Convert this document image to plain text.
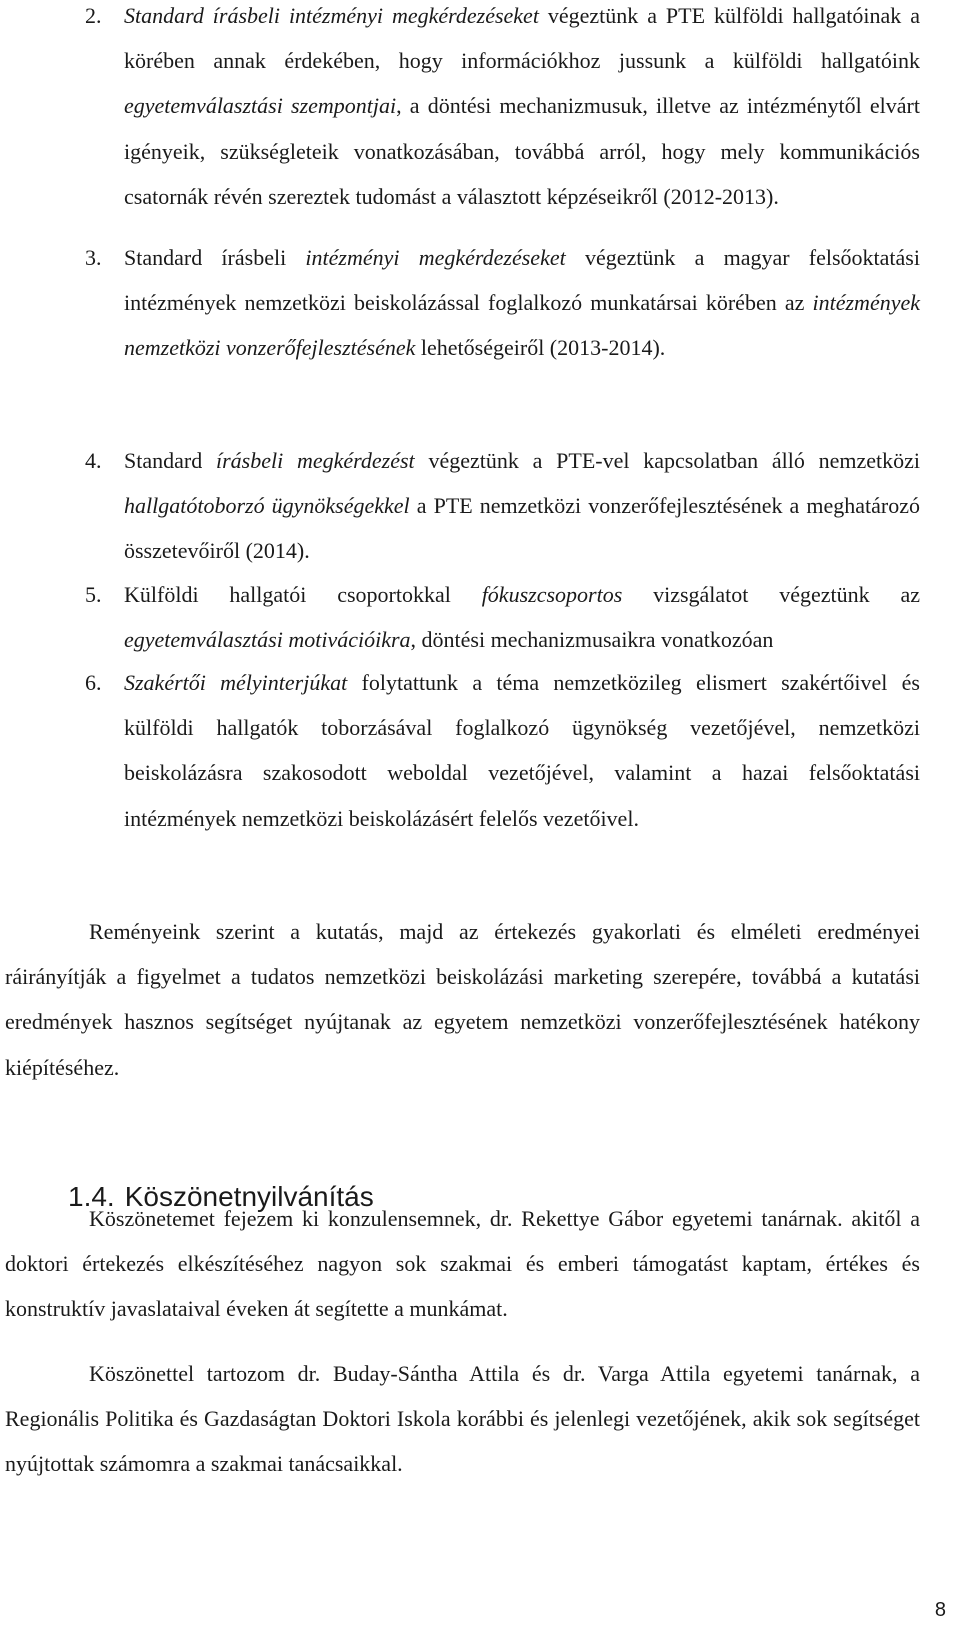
2. Standard írásbeli intézményi megkérdezéseket végeztünk a PTE külföldi hallgatóinak a körében annak érdekében, hogy információkhoz jussunk a külföldi hallgatóink egyetemválasztási szempontjai, a döntési mechanizmusuk, illetve az intézménytől elvárt igényeik, szükségleteik vonatkozásában, továbbá arról, hogy mely kommunikációs csatornák révén szereztek tudomást a választott képzéseikről (2012-2013).
3. Standard írásbeli intézményi megkérdezéseket végeztünk a magyar felsőoktatási intézmények nemzetközi beiskolázással foglalkozó munkatársai körében az intézmények nemzetközi vonzerőfejlesztésének lehetőségeiről (2013-2014).
4. Standard írásbeli megkérdezést végeztünk a PTE-vel kapcsolatban álló nemzetközi hallgatótoborzó ügynökségekkel a PTE nemzetközi vonzerőfejlesztésének a meghatározó összetevőiről (2014).
5. Külföldi hallgatói csoportokkal fókuszcsoportos vizsgálatot végeztünk az egyetemválasztási motivációikra, döntési mechanizmusaikra vonatkozóan
6. Szakértői mélyinterjúkat folytattunk a téma nemzetközileg elismert szakértőivel és külföldi hallgatók toborzásával foglalkozó ügynökség vezetőjével, nemzetközi beiskolázásra szakosodott weboldal vezetőjével, valamint a hazai felsőoktatási intézmények nemzetközi beiskolázásért felelős vezetőivel.

Reményeink szerint a kutatás, majd az értekezés gyakorlati és elméleti eredményei ráirányítják a figyelmet a tudatos nemzetközi beiskolázási marketing szerepére, továbbá a kutatási eredmények hasznos segítséget nyújtanak az egyetem nemzetközi vonzerőfejlesztésének hatékony kiépítéséhez.

1.4. Köszönetnyilvánítás

Köszönetemet fejezem ki konzulensemnek, dr. Rekettye Gábor egyetemi tanárnak. akitől a doktori értekezés elkészítéséhez nagyon sok szakmai és emberi támogatást kaptam, értékes és konstruktív javaslataival éveken át segítette a munkámat.

Köszönettel tartozom dr. Buday-Sántha Attila és dr. Varga Attila egyetemi tanárnak, a Regionális Politika és Gazdaságtan Doktori Iskola korábbi és jelenlegi vezetőjének, akik sok segítséget nyújtottak számomra a szakmai tanácsaikkal.

8
